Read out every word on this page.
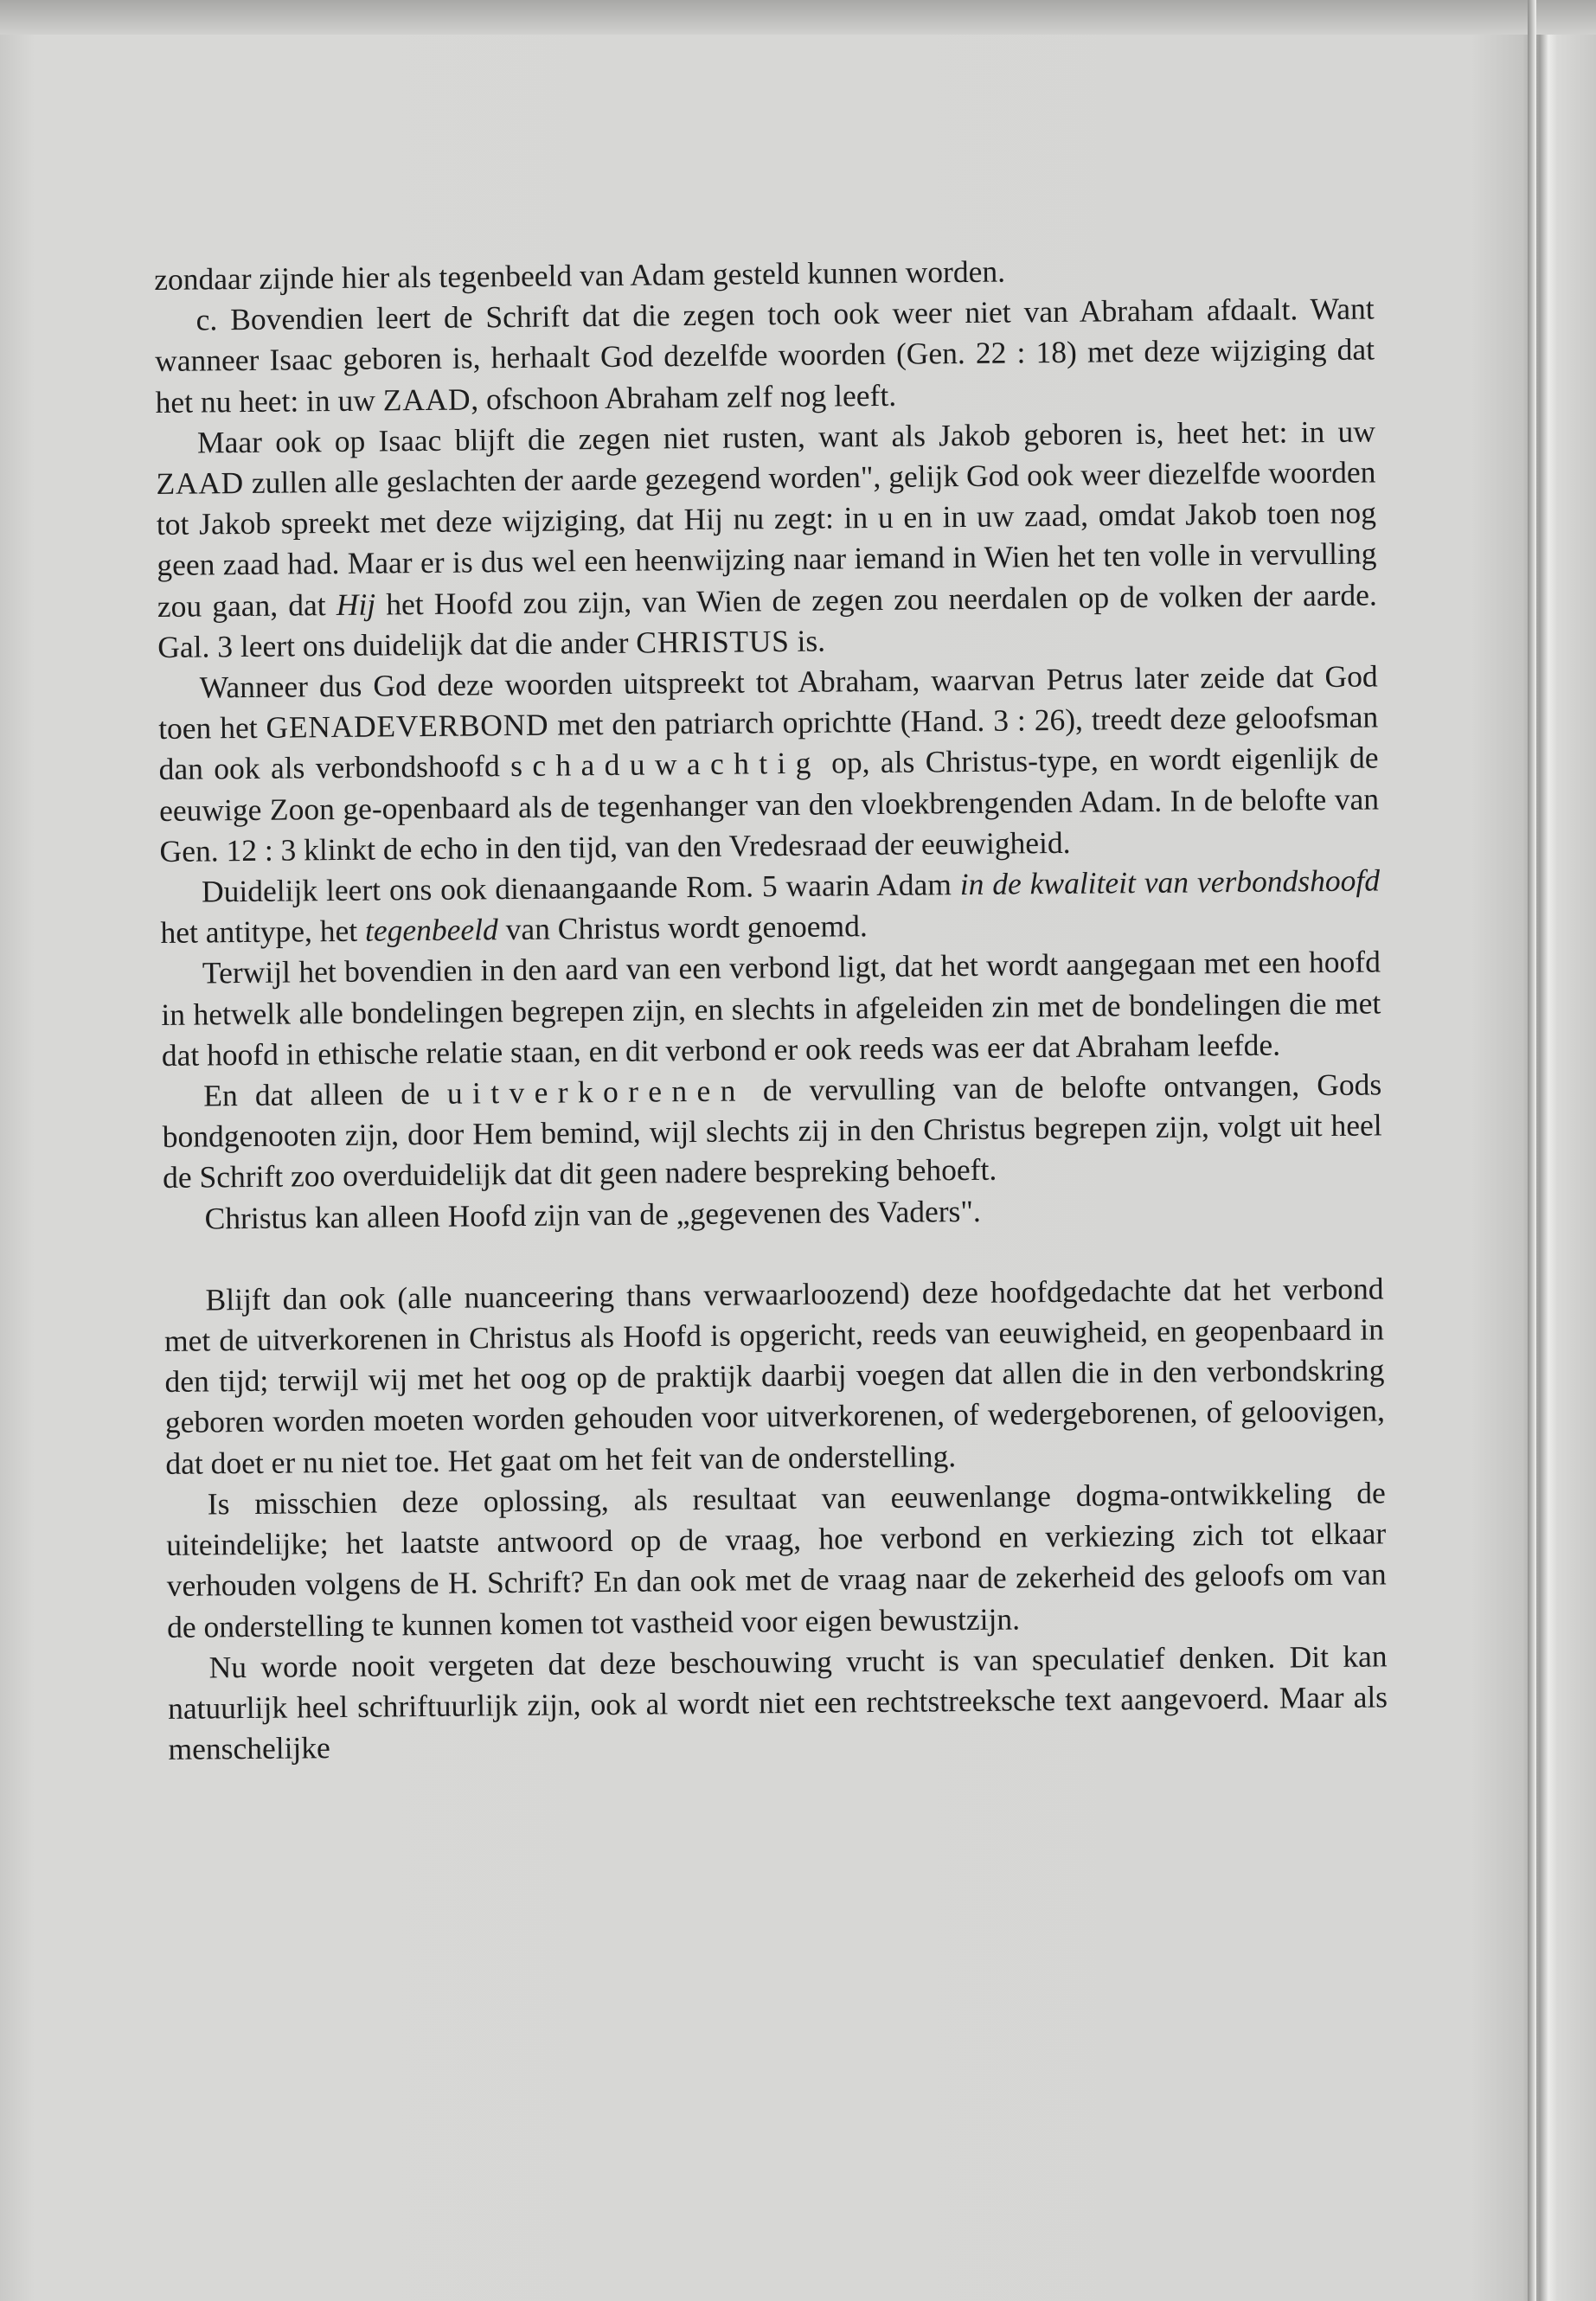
zondaar zijnde hier als tegenbeeld van Adam gesteld kunnen worden.

c. Bovendien leert de Schrift dat die zegen toch ook weer niet van Abraham afdaalt. Want wanneer Isaac geboren is, herhaalt God dezelfde woorden (Gen. 22 : 18) met deze wijziging dat het nu heet: in uw ZAAD, ofschoon Abraham zelf nog leeft.

Maar ook op Isaac blijft die zegen niet rusten, want als Jakob geboren is, heet het: in uw ZAAD zullen alle geslachten der aarde gezegend worden", gelijk God ook weer diezelfde woorden tot Jakob spreekt met deze wijziging, dat Hij nu zegt: in u en in uw zaad, omdat Jakob toen nog geen zaad had. Maar er is dus wel een heenwijzing naar iemand in Wien het ten volle in vervulling zou gaan, dat Hij het Hoofd zou zijn, van Wien de zegen zou neerdalen op de volken der aarde. Gal. 3 leert ons duidelijk dat die ander CHRISTUS is.

Wanneer dus God deze woorden uitspreekt tot Abraham, waarvan Petrus later zeide dat God toen het GENADEVERBOND met den patriarch oprichtte (Hand. 3 : 26), treedt deze geloofsman dan ook als verbondshoofd schaduwachtig op, als Christus-type, en wordt eigenlijk de eeuwige Zoon ge-openbaard als de tegenhanger van den vloekbrengenden Adam. In de belofte van Gen. 12 : 3 klinkt de echo in den tijd, van den Vredesraad der eeuwigheid.

Duidelijk leert ons ook dienaangaande Rom. 5 waarin Adam in de kwaliteit van verbondshoofd het antitype, het tegenbeeld van Christus wordt genoemd.

Terwijl het bovendien in den aard van een verbond ligt, dat het wordt aangegaan met een hoofd in hetwelk alle bondelingen begrepen zijn, en slechts in afgeleiden zin met de bondelingen die met dat hoofd in ethische relatie staan, en dit verbond er ook reeds was eer dat Abraham leefde.

En dat alleen de uitverkorenen de vervulling van de belofte ontvangen, Gods bondgenooten zijn, door Hem bemind, wijl slechts zij in den Christus begrepen zijn, volgt uit heel de Schrift zoo overduidelijk dat dit geen nadere bespreking behoeft.

Christus kan alleen Hoofd zijn van de „gegevenen des Vaders".

Blijft dan ook (alle nuanceering thans verwaarloozend) deze hoofdgedachte dat het verbond met de uitverkorenen in Christus als Hoofd is opgericht, reeds van eeuwigheid, en geopenbaard in den tijd; terwijl wij met het oog op de praktijk daarbij voegen dat allen die in den verbondskring geboren worden moeten worden gehouden voor uitverkorenen, of wedergeborenen, of geloovigen, dat doet er nu niet toe. Het gaat om het feit van de onderstelling.

Is misschien deze oplossing, als resultaat van eeuwenlange dogma-ontwikkeling de uiteindelijke; het laatste antwoord op de vraag, hoe verbond en verkiezing zich tot elkaar verhouden volgens de H. Schrift? En dan ook met de vraag naar de zekerheid des geloofs om van de onderstelling te kunnen komen tot vastheid voor eigen bewustzijn.

Nu worde nooit vergeten dat deze beschouwing vrucht is van speculatief denken. Dit kan natuurlijk heel schriftuurlijk zijn, ook al wordt niet een rechtstreeksche text aangevoerd. Maar als menschelijke
